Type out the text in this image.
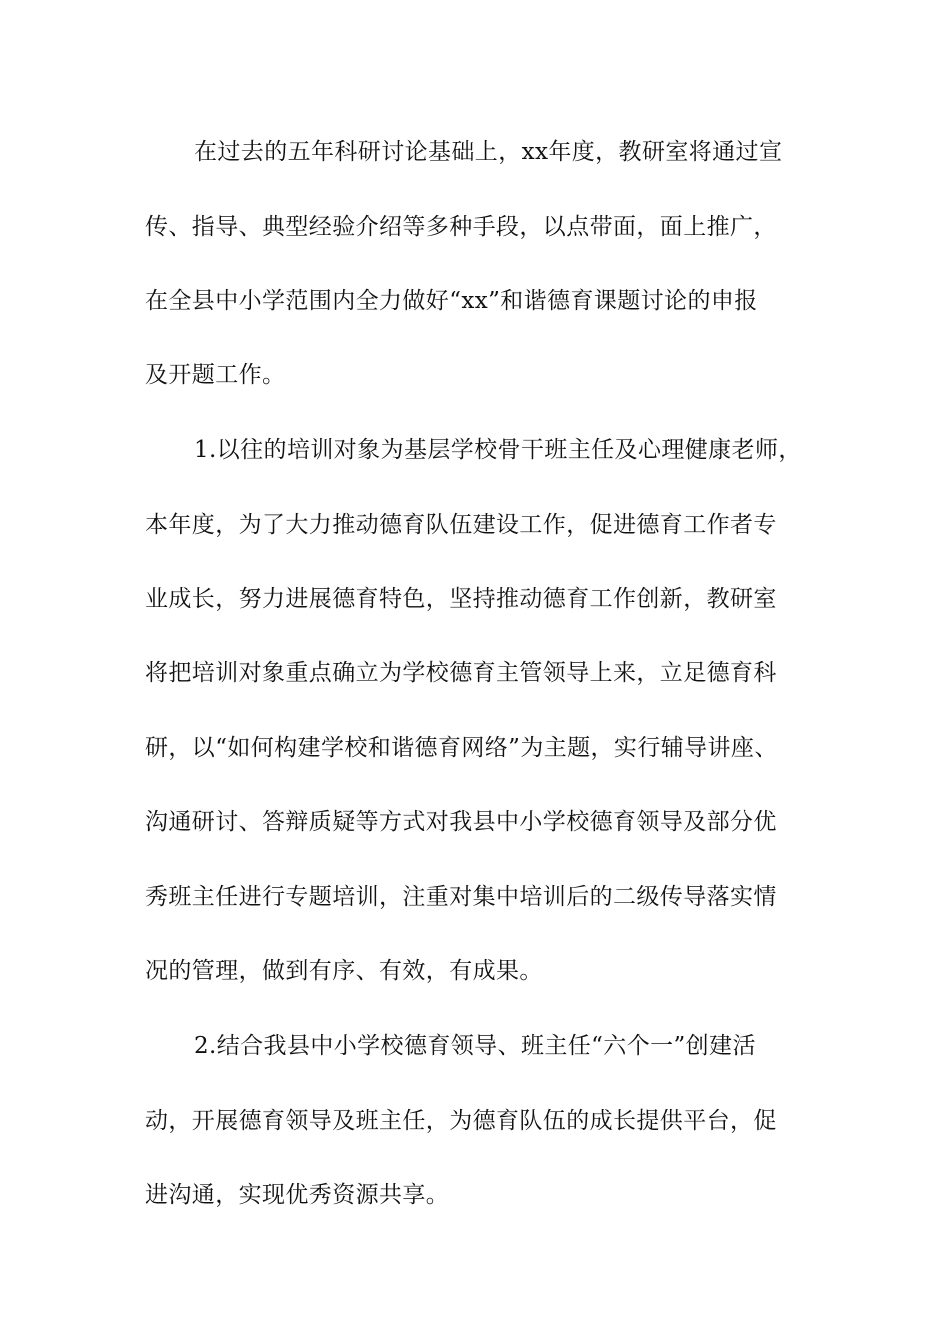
在过去的五年科研讨论基础上，xx年度，教研室将通过宣
传、指导、典型经验介绍等多种手段，以点带面，面上推广，
在全县中小学范围内全力做好“xx”和谐德育课题讨论的申报
及开题工作。
1.以往的培训对象为基层学校骨干班主任及心理健康老师，
本年度，为了大力推动德育队伍建设工作，促进德育工作者专
业成长，努力进展德育特色，坚持推动德育工作创新，教研室
将把培训对象重点确立为学校德育主管领导上来，立足德育科
研，以“如何构建学校和谐德育网络”为主题，实行辅导讲座、
沟通研讨、答辩质疑等方式对我县中小学校德育领导及部分优
秀班主任进行专题培训，注重对集中培训后的二级传导落实情
况的管理，做到有序、有效，有成果。
2.结合我县中小学校德育领导、班主任“六个一”创建活
动，开展德育领导及班主任，为德育队伍的成长提供平台，促
进沟通，实现优秀资源共享。
